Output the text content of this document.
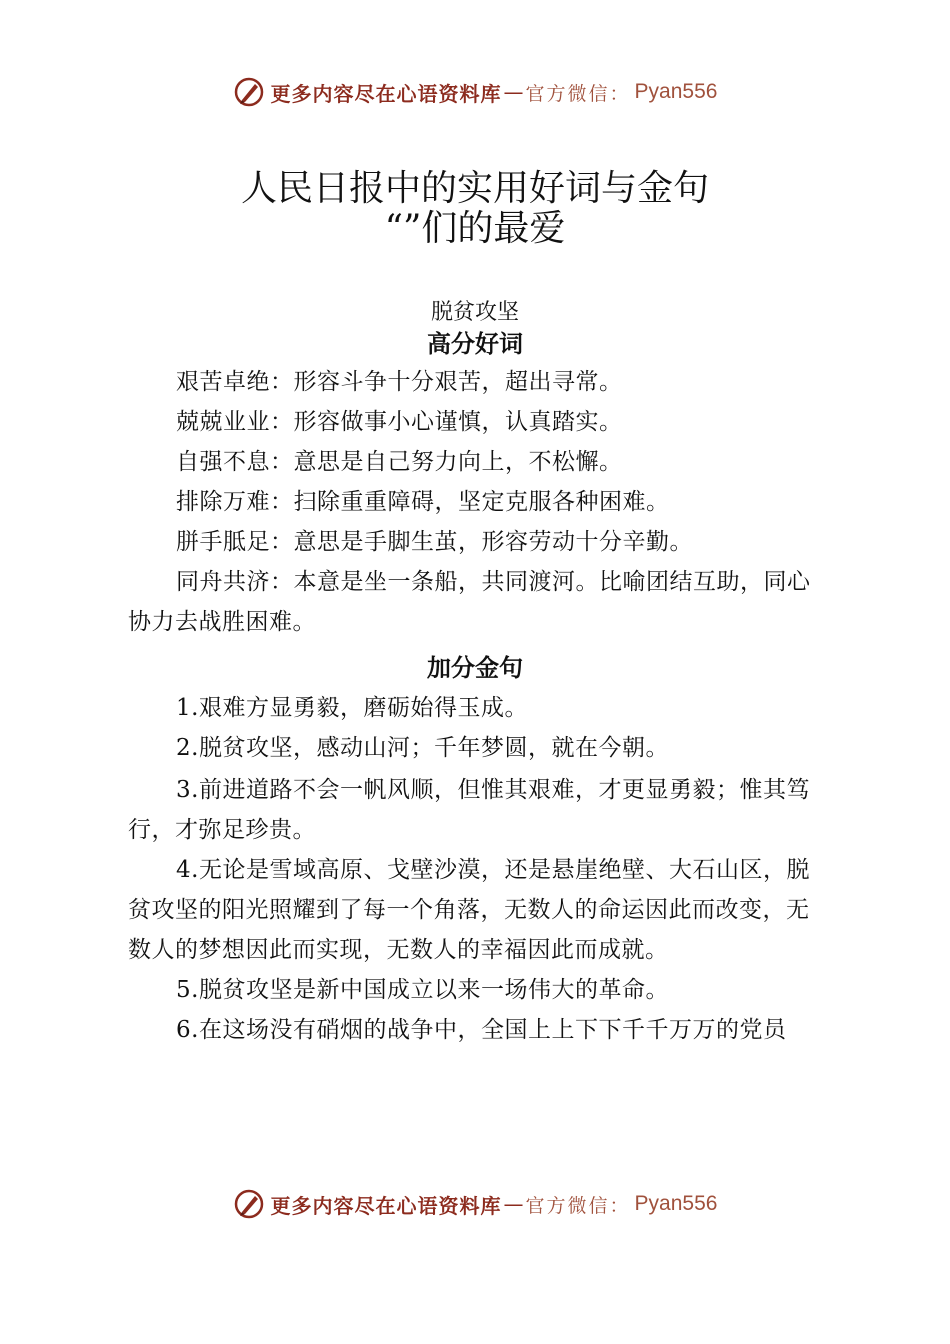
更多内容尽在心语资料库 — 官方微信： Pyan556
人民日报中的实用好词与金句
“”们的最爱
脱贫攻坚
高分好词

艰苦卓绝：形容斗争十分艰苦，超出寻常。

兢兢业业：形容做事小心谨慎，认真踏实。

自强不息：意思是自己努力向上，不松懈。

排除万难：扫除重重障碍，坚定克服各种困难。

胼手胝足：意思是手脚生茧，形容劳动十分辛勤。

同舟共济：本意是坐一条船，共同渡河。比喻团结互助，同心协力去战胜困难。

加分金句

1.艰难方显勇毅，磨砺始得玉成。

2.脱贫攻坚，感动山河；千年梦圆，就在今朝。

3.前进道路不会一帆风顺，但惟其艰难，才更显勇毅；惟其笃行，才弥足珍贵。

4.无论是雪域高原、戈壁沙漠，还是悬崖绝壁、大石山区，脱贫攻坚的阳光照耀到了每一个角落，无数人的命运因此而改变，无数人的梦想因此而实现，无数人的幸福因此而成就。

5.脱贫攻坚是新中国成立以来一场伟大的革命。

6.在这场没有硝烟的战争中，全国上上下下千千万万的党员

更多内容尽在心语资料库 — 官方微信： Pyan556
